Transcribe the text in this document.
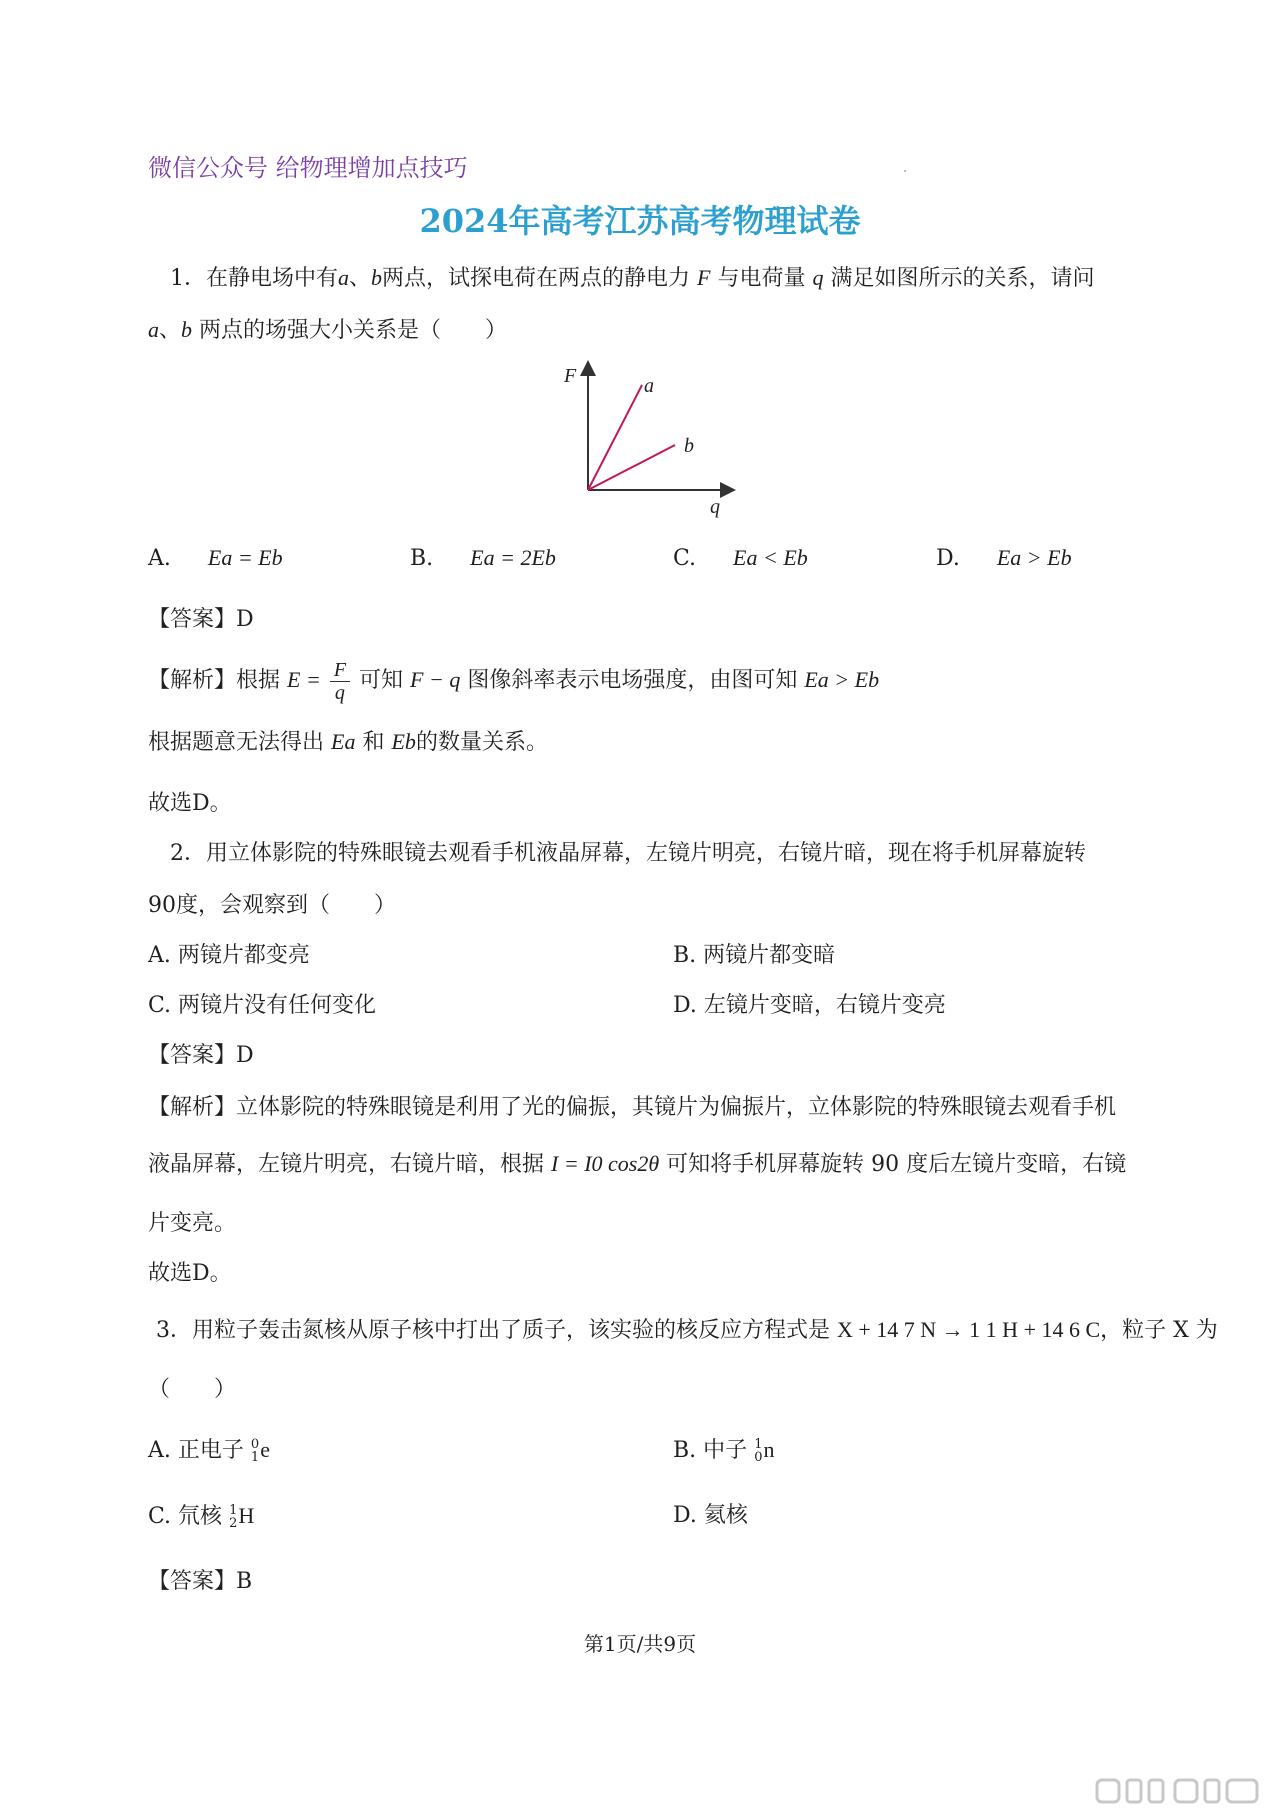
微信公众号 给物理增加点技巧
2024年高考江苏高考物理试卷
1．在静电场中有a、b两点，试探电荷在两点的静电力 F 与电荷量 q 满足如图所示的关系，请问
a、b 两点的场强大小关系是（　　）
F
q
a
b
A. Ea = Eb	B. Ea = 2Eb	C. Ea < Eb	D. Ea > Eb
【答案】D
【解析】根据 $E = \frac{F}{q}$ 可知 F − q 图像斜率表示电场强度，由图可知 Ea > Eb
根据题意无法得出 Ea 和 Eb的数量关系。
故选D。
2．用立体影院的特殊眼镜去观看手机液晶屏幕，左镜片明亮，右镜片暗，现在将手机屏幕旋转
90度，会观察到（　　）
A. 两镜片都变亮	B. 两镜片都变暗
C. 两镜片没有任何变化	D. 左镜片变暗，右镜片变亮
【答案】D
【解析】立体影院的特殊眼镜是利用了光的偏振，其镜片为偏振片，立体影院的特殊眼镜去观看手机
液晶屏幕，左镜片明亮，右镜片暗，根据 I = I0 cos2θ 可知将手机屏幕旋转 90 度后左镜片变暗，右镜
片变亮。
故选D。
3．用粒子轰击氮核从原子核中打出了质子，该实验的核反应方程式是 X + 14 7 N → 1 1 H + 14 6 C，粒子 X 为
（　　）
A. 正电子 0
1 e	B. 中子 1
0 n
C. 氘核 1
2 H	D. 氦核
【答案】B
第1页/共9页
